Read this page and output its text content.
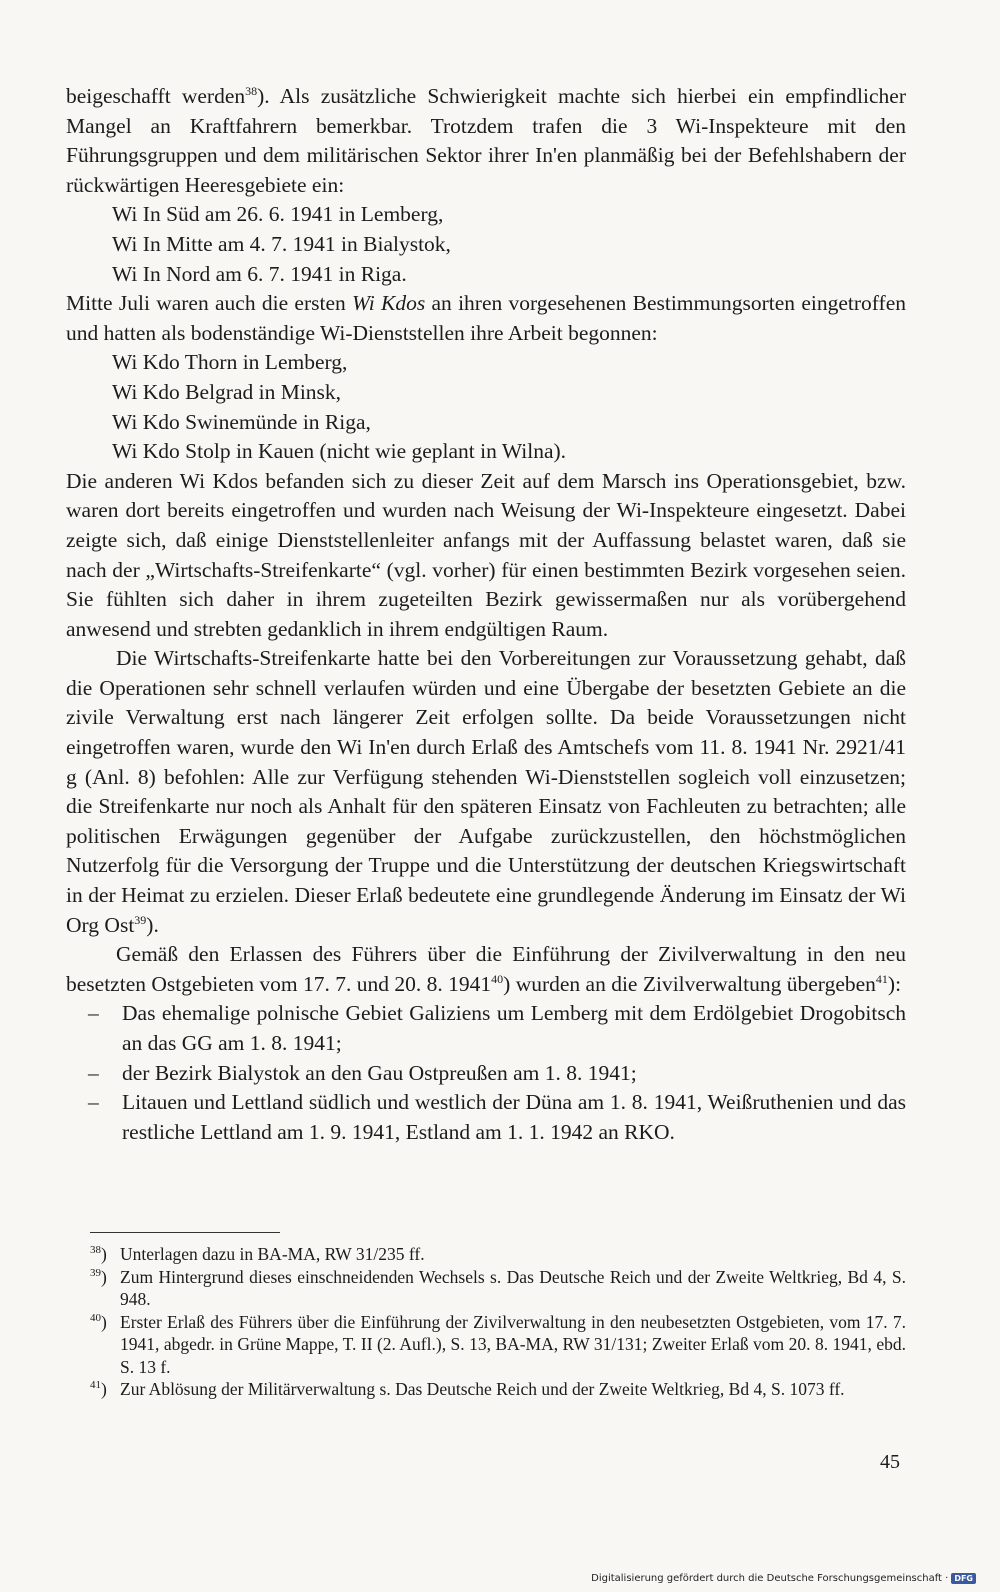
beigeschafft werden$^{38}$). Als zusätzliche Schwierigkeit machte sich hierbei ein empfindlicher Mangel an Kraftfahrern bemerkbar. Trotzdem trafen die 3 Wi-Inspekteure mit den Führungsgruppen und dem militärischen Sektor ihrer In'en planmäßig bei der Befehlshabern der rückwärtigen Heeresgebiete ein:

Wi In Süd am 26. 6. 1941 in Lemberg,

Wi In Mitte am 4. 7. 1941 in Bialystok,

Wi In Nord am 6. 7. 1941 in Riga.

Mitte Juli waren auch die ersten Wi Kdos an ihren vorgesehenen Bestimmungsorten eingetroffen und hatten als bodenständige Wi-Dienststellen ihre Arbeit begonnen:

Wi Kdo Thorn in Lemberg,

Wi Kdo Belgrad in Minsk,

Wi Kdo Swinemünde in Riga,

Wi Kdo Stolp in Kauen (nicht wie geplant in Wilna).

Die anderen Wi Kdos befanden sich zu dieser Zeit auf dem Marsch ins Operationsgebiet, bzw. waren dort bereits eingetroffen und wurden nach Weisung der Wi-Inspekteure eingesetzt. Dabei zeigte sich, daß einige Dienststellenleiter anfangs mit der Auffassung belastet waren, daß sie nach der „Wirtschafts-Streifenkarte“ (vgl. vorher) für einen bestimmten Bezirk vorgesehen seien. Sie fühlten sich daher in ihrem zugeteilten Bezirk gewissermaßen nur als vorübergehend anwesend und strebten gedanklich in ihrem endgültigen Raum.

Die Wirtschafts-Streifenkarte hatte bei den Vorbereitungen zur Voraussetzung gehabt, daß die Operationen sehr schnell verlaufen würden und eine Übergabe der besetzten Gebiete an die zivile Verwaltung erst nach längerer Zeit erfolgen sollte. Da beide Voraussetzungen nicht eingetroffen waren, wurde den Wi In'en durch Erlaß des Amtschefs vom 11. 8. 1941 Nr. 2921/41 g (Anl. 8) befohlen: Alle zur Verfügung stehenden Wi-Dienststellen sogleich voll einzusetzen; die Streifenkarte nur noch als Anhalt für den späteren Einsatz von Fachleuten zu betrachten; alle politischen Erwägungen gegenüber der Aufgabe zurückzustellen, den höchstmöglichen Nutzerfolg für die Versorgung der Truppe und die Unterstützung der deutschen Kriegswirtschaft in der Heimat zu erzielen. Dieser Erlaß bedeutete eine grundlegende Änderung im Einsatz der Wi Org Ost$^{39}$).

Gemäß den Erlassen des Führers über die Einführung der Zivilverwaltung in den neu besetzten Ostgebieten vom 17. 7. und 20. 8. 1941$^{40}$) wurden an die Zivilverwaltung übergeben$^{41}$):

– Das ehemalige polnische Gebiet Galiziens um Lemberg mit dem Erdölgebiet Drogobitsch an das GG am 1. 8. 1941;

– der Bezirk Bialystok an den Gau Ostpreußen am 1. 8. 1941;

– Litauen und Lettland südlich und westlich der Düna am 1. 8. 1941, Weißruthenien und das restliche Lettland am 1. 9. 1941, Estland am 1. 1. 1942 an RKO.

$^{38}$) Unterlagen dazu in BA-MA, RW 31/235 ff.

$^{39}$) Zum Hintergrund dieses einschneidenden Wechsels s. Das Deutsche Reich und der Zweite Weltkrieg, Bd 4, S. 948.

$^{40}$) Erster Erlaß des Führers über die Einführung der Zivilverwaltung in den neubesetzten Ostgebieten, vom 17. 7. 1941, abgedr. in Grüne Mappe, T. II (2. Aufl.), S. 13, BA-MA, RW 31/131; Zweiter Erlaß vom 20. 8. 1941, ebd. S. 13 f.

$^{41}$) Zur Ablösung der Militärverwaltung s. Das Deutsche Reich und der Zweite Weltkrieg, Bd 4, S. 1073 ff.

45
Digitalisierung gefördert durch die Deutsche Forschungsgemeinschaft · DFG
